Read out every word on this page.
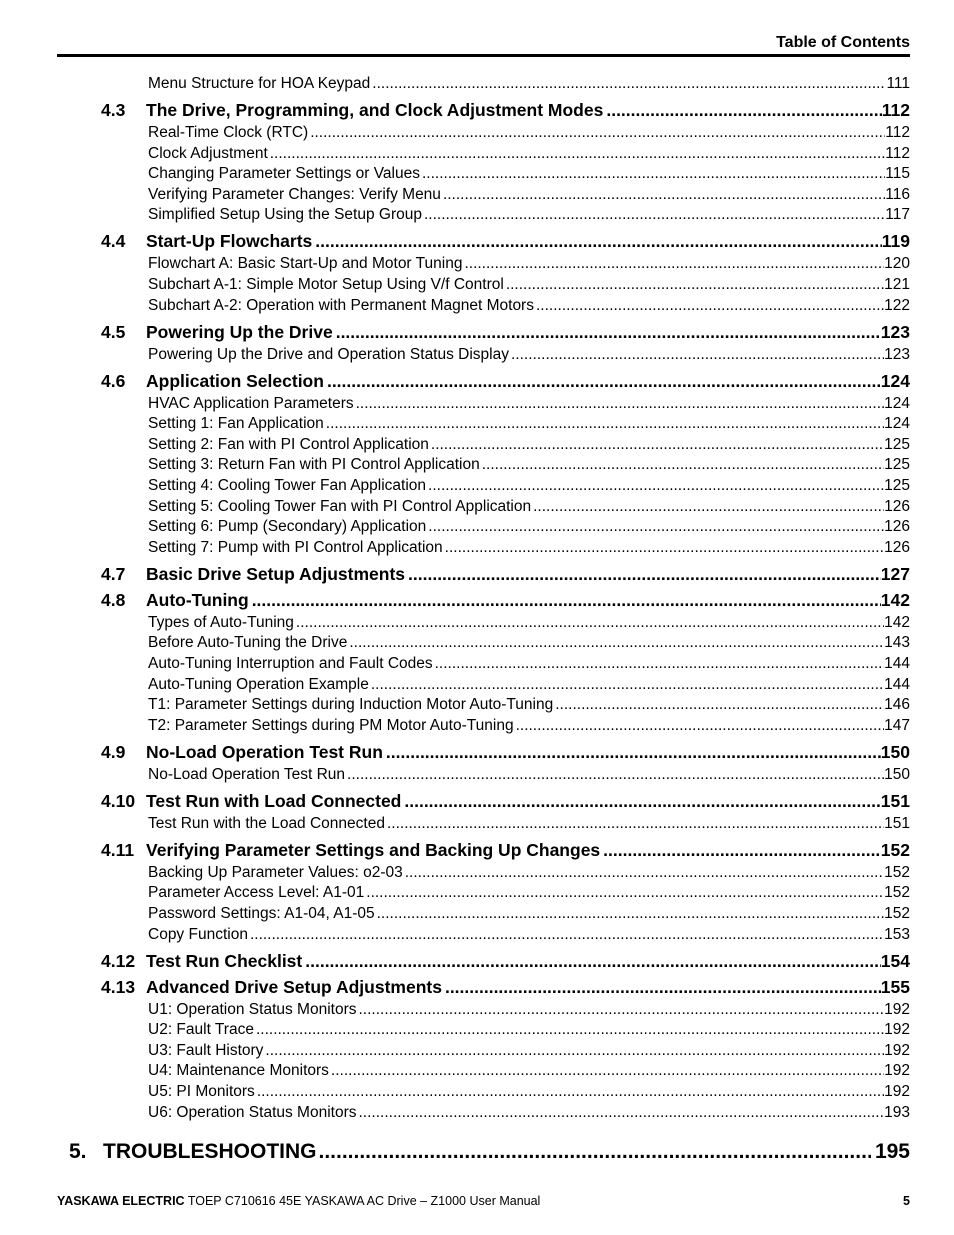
Table of Contents
Menu Structure for HOA Keypad .....	111
4.3	The Drive, Programming, and Clock Adjustment Modes .....	112
Real-Time Clock (RTC) .....	112
Clock Adjustment .....	112
Changing Parameter Settings or Values .....	115
Verifying Parameter Changes: Verify Menu .....	116
Simplified Setup Using the Setup Group .....	117
4.4	Start-Up Flowcharts .....	119
Flowchart A: Basic Start-Up and Motor Tuning .....	120
Subchart A-1: Simple Motor Setup Using V/f Control .....	121
Subchart A-2: Operation with Permanent Magnet Motors .....	122
4.5	Powering Up the Drive .....	123
Powering Up the Drive and Operation Status Display .....	123
4.6	Application Selection .....	124
HVAC Application Parameters .....	124
Setting 1: Fan Application .....	124
Setting 2: Fan with PI Control Application .....	125
Setting 3: Return Fan with PI Control Application .....	125
Setting 4: Cooling Tower Fan Application .....	125
Setting 5: Cooling Tower Fan with PI Control Application .....	126
Setting 6: Pump (Secondary) Application .....	126
Setting 7: Pump with PI Control Application .....	126
4.7	Basic Drive Setup Adjustments .....	127
4.8	Auto-Tuning .....	142
Types of Auto-Tuning .....	142
Before Auto-Tuning the Drive .....	143
Auto-Tuning Interruption and Fault Codes .....	144
Auto-Tuning Operation Example .....	144
T1: Parameter Settings during Induction Motor Auto-Tuning .....	146
T2: Parameter Settings during PM Motor Auto-Tuning .....	147
4.9	No-Load Operation Test Run .....	150
No-Load Operation Test Run .....	150
4.10 Test Run with Load Connected .....	151
Test Run with the Load Connected .....	151
4.11 Verifying Parameter Settings and Backing Up Changes .....	152
Backing Up Parameter Values: o2-03 .....	152
Parameter Access Level: A1-01 .....	152
Password Settings: A1-04, A1-05 .....	152
Copy Function .....	153
4.12 Test Run Checklist .....	154
4.13 Advanced Drive Setup Adjustments .....	155
U1: Operation Status Monitors .....	192
U2: Fault Trace .....	192
U3: Fault History .....	192
U4: Maintenance Monitors .....	192
U5: PI Monitors .....	192
U6: Operation Status Monitors .....	193
5. TROUBLESHOOTING .....	195
YASKAWA ELECTRIC TOEP C710616 45E YASKAWA AC Drive – Z1000 User Manual	5
